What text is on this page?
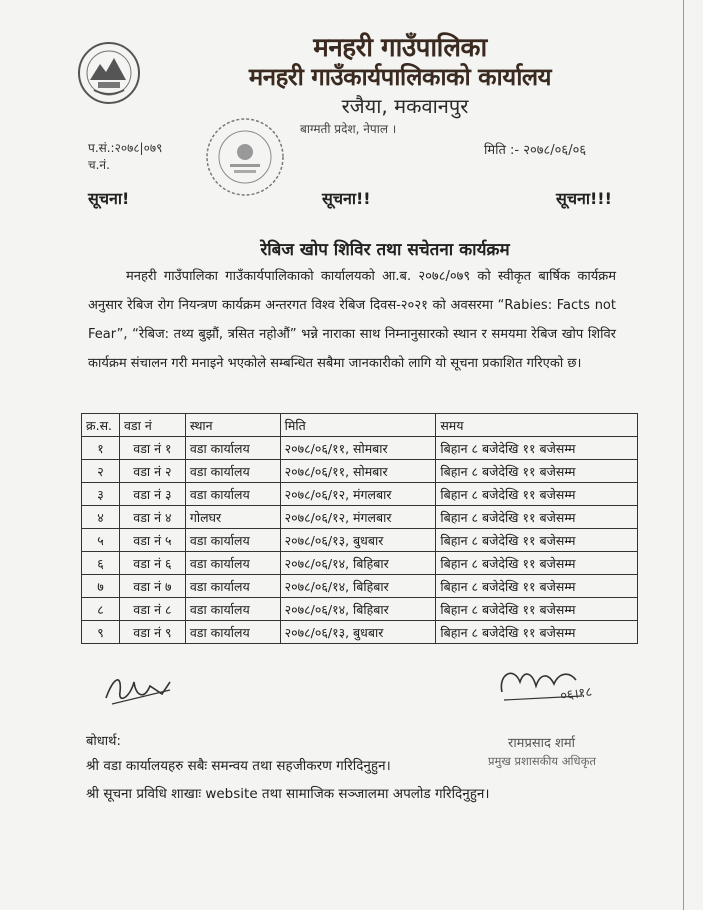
मनहरी गाउँपालिका
मनहरी गाउँकार्यपालिकाको कार्यालय
रजैया, मकवानपुर
बाग्मती प्रदेश, नेपाल ।
प.सं.:२०७८|०७९
च.नं.
मिति :- २०७८/०६/०६
सूचना!	सूचना!!	सूचना!!!
रेबिज खोप शिविर तथा सचेतना कार्यक्रम
मनहरी गाउँपालिका गाउँकार्यपालिकाको कार्यालयको आ.ब. २०७८/०७९ को स्वीकृत बार्षिक कार्यक्रम अनुसार रेबिज रोग नियन्त्रण कार्यक्रम अन्तरगत विश्व रेबिज दिवस-२०२१ को अवसरमा “Rabies: Facts not Fear”, “रेबिज: तथ्य बुझौं, त्रसित नहोऔं” भन्ने नाराका साथ निम्नानुसारको स्थान र समयमा रेबिज खोप शिविर कार्यक्रम संचालन गरी मनाइने भएकोले सम्बन्धित सबैमा जानकारीको लागि यो सूचना प्रकाशित गरिएको छ।
क्र.स.	वडा नं	स्थान	मिति	समय
१	वडा नं १	वडा कार्यालय	२०७८/०६/११, सोमबार	बिहान ८ बजेदेखि ११ बजेसम्म
२	वडा नं २	वडा कार्यालय	२०७८/०६/११, सोमबार	बिहान ८ बजेदेखि ११ बजेसम्म
३	वडा नं ३	वडा कार्यालय	२०७८/०६/१२, मंगलबार	बिहान ८ बजेदेखि ११ बजेसम्म
४	वडा नं ४	गोलघर	२०७८/०६/१२, मंगलबार	बिहान ८ बजेदेखि ११ बजेसम्म
५	वडा नं ५	वडा कार्यालय	२०७८/०६/१३, बुधबार	बिहान ८ बजेदेखि ११ बजेसम्म
६	वडा नं ६	वडा कार्यालय	२०७८/०६/१४, बिहिबार	बिहान ८ बजेदेखि ११ बजेसम्म
७	वडा नं ७	वडा कार्यालय	२०७८/०६/१४, बिहिबार	बिहान ८ बजेदेखि ११ बजेसम्म
८	वडा नं ८	वडा कार्यालय	२०७८/०६/१४, बिहिबार	बिहान ८ बजेदेखि ११ बजेसम्म
९	वडा नं ९	वडा कार्यालय	२०७८/०६/१३, बुधबार	बिहान ८ बजेदेखि ११ बजेसम्म
०६।१८
रामप्रसाद शर्मा
प्रमुख प्रशासकीय अधिकृत
बोधार्थ:
श्री वडा कार्यालयहरु सबैः समन्वय तथा सहजीकरण गरिदिनुहुन।
श्री सूचना प्रविधि शाखाः website तथा सामाजिक सञ्जालमा अपलोड गरिदिनुहुन।
